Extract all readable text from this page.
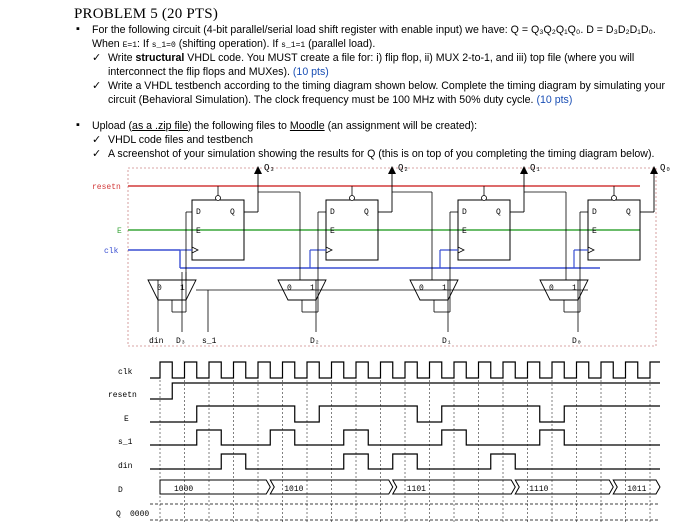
PROBLEM 5 (20 PTS)
▪ For the following circuit (4-bit parallel/serial load shift register with enable input) we have: Q = Q₃Q₂Q₁Q₀. D = D₃D₂D₁D₀.
When E=1: If s_1=0 (shifting operation). If s_1=1 (parallel load).
✓ Write structural VHDL code. You MUST create a file for: i) flip flop, ii) MUX 2-to-1, and iii) top file (where you will
interconnect the flip flops and MUXes). (10 pts)
✓ Write a VHDL testbench according to the timing diagram shown below. Complete the timing diagram by simulating your
circuit (Behavioral Simulation). The clock frequency must be 100 MHz with 50% duty cycle. (10 pts)
▪ Upload (as a .zip file) the following files to Moodle (an assignment will be created):
✓ VHDL code files and testbench
✓ A screenshot of your simulation showing the results for Q (this is on top of you completing the timing diagram below).
resetn
E
clk
D	Q
E
D	Q
E
D	Q
E
D	Q
E
Q₃	Q₂	Q₁	Q₀
0 1	0 1	0 1	0 1
din D₃ s_1	D₂	D₁	D₀
clk
resetn
E
s_1
din
D
Q 0000
1000	1010	1101	1110	1011
